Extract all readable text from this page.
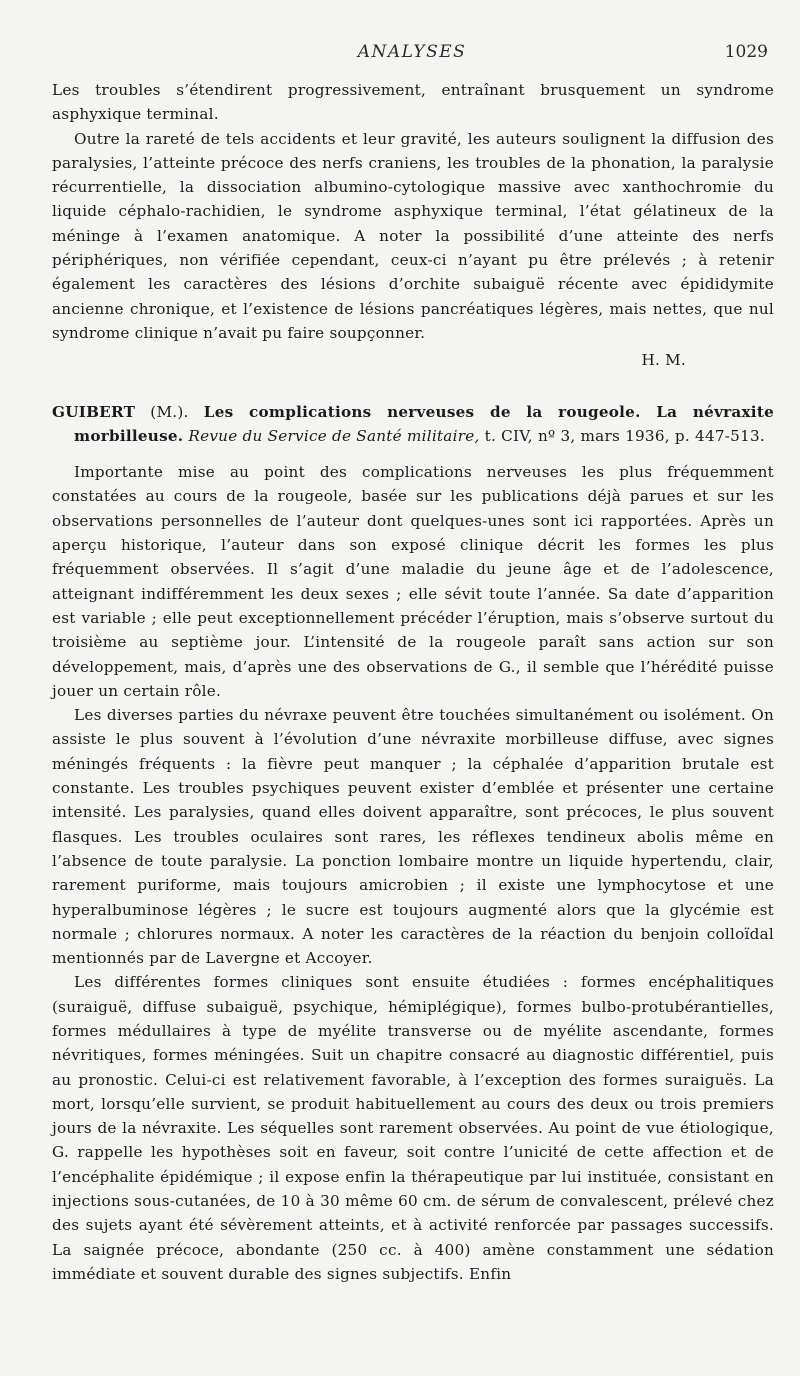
ANALYSES	1029

Les troubles s’étendirent progressivement, entraînant brusquement un syndrome asphyxique terminal.

Outre la rareté de tels accidents et leur gravité, les auteurs soulignent la diffusion des paralysies, l’atteinte précoce des nerfs craniens, les troubles de la phonation, la paralysie récurrentielle, la dissociation albumino-cytologique massive avec xanthochromie du liquide céphalo-rachidien, le syndrome asphyxique terminal, l’état gélatineux de la méninge à l’examen anatomique. A noter la possibilité d’une atteinte des nerfs périphériques, non vérifiée cependant, ceux-ci n’ayant pu être prélevés ; à retenir également les caractères des lésions d’orchite subaiguë récente avec épididymite ancienne chronique, et l’existence de lésions pancréatiques légères, mais nettes, que nul syndrome clinique n’avait pu faire soupçonner.

H. M.

GUIBERT (M.). Les complications nerveuses de la rougeole. La névraxite morbilleuse. Revue du Service de Santé militaire, t. CIV, nº 3, mars 1936, p. 447-513.

Importante mise au point des complications nerveuses les plus fréquemment constatées au cours de la rougeole, basée sur les publications déjà parues et sur les observations personnelles de l’auteur dont quelques-unes sont ici rapportées. Après un aperçu historique, l’auteur dans son exposé clinique décrit les formes les plus fréquemment observées. Il s’agit d’une maladie du jeune âge et de l’adolescence, atteignant indifféremment les deux sexes ; elle sévit toute l’année. Sa date d’apparition est variable ; elle peut exceptionnellement précéder l’éruption, mais s’observe surtout du troisième au septième jour. L’intensité de la rougeole paraît sans action sur son développement, mais, d’après une des observations de G., il semble que l’hérédité puisse jouer un certain rôle.

Les diverses parties du névraxe peuvent être touchées simultanément ou isolément. On assiste le plus souvent à l’évolution d’une névraxite morbilleuse diffuse, avec signes méningés fréquents : la fièvre peut manquer ; la céphalée d’apparition brutale est constante. Les troubles psychiques peuvent exister d’emblée et présenter une certaine intensité. Les paralysies, quand elles doivent apparaître, sont précoces, le plus souvent flasques. Les troubles oculaires sont rares, les réflexes tendineux abolis même en l’absence de toute paralysie. La ponction lombaire montre un liquide hypertendu, clair, rarement puriforme, mais toujours amicrobien ; il existe une lymphocytose et une hyperalbuminose légères ; le sucre est toujours augmenté alors que la glycémie est normale ; chlorures normaux. A noter les caractères de la réaction du benjoin colloïdal mentionnés par de Lavergne et Accoyer.

Les différentes formes cliniques sont ensuite étudiées : formes encéphalitiques (suraiguë, diffuse subaiguë, psychique, hémiplégique), formes bulbo-protubérantielles, formes médullaires à type de myélite transverse ou de myélite ascendante, formes névritiques, formes méningées. Suit un chapitre consacré au diagnostic différentiel, puis au pronostic. Celui-ci est relativement favorable, à l’exception des formes suraiguës. La mort, lorsqu’elle survient, se produit habituellement au cours des deux ou trois premiers jours de la névraxite. Les séquelles sont rarement observées. Au point de vue étiologique, G. rappelle les hypothèses soit en faveur, soit contre l’unicité de cette affection et de l’encéphalite épidémique ; il expose enfin la thérapeutique par lui instituée, consistant en injections sous-cutanées, de 10 à 30 même 60 cm. de sérum de convalescent, prélevé chez des sujets ayant été sévèrement atteints, et à activité renforcée par passages successifs. La saignée précoce, abondante (250 cc. à 400) amène constamment une sédation immédiate et souvent durable des signes subjectifs. Enfin
